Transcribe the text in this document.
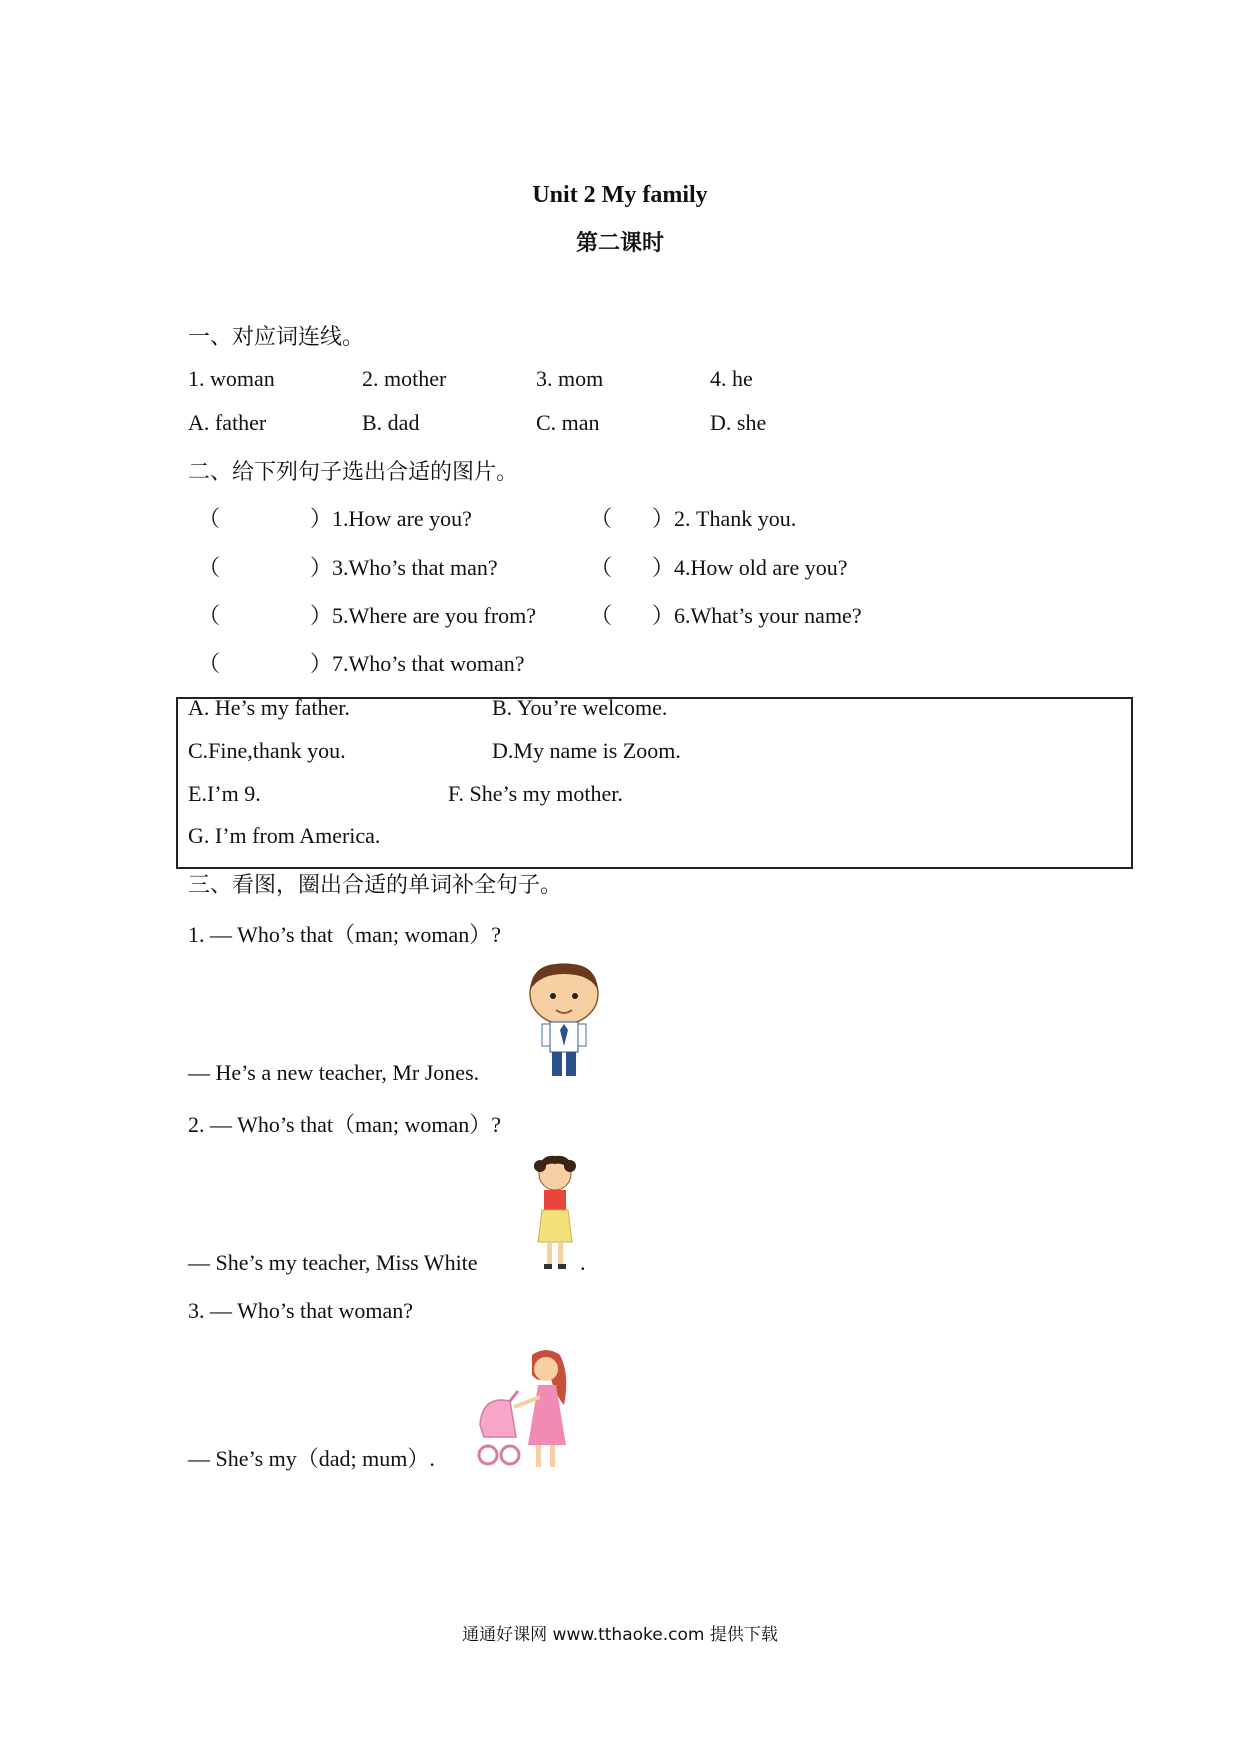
Unit 2 My family
第二课时
一、对应词连线。
1. woman	2. mother	3. mom	4. he
A. father	B. dad	C. man	D. she
二、给下列句子选出合适的图片。
（	）1.How are you?	（ ）2. Thank you.
（	）3.Who’s that man?	（ ）4.How old are you?
（	）5.Where are you from? （ ）6.What’s your name?
（	）7.Who’s that woman?
A. He’s my father.	B. You’re welcome.
C.Fine,thank you.	D.My name is Zoom.
E.I’m 9.	F. She’s my mother.
G. I’m from America.
三、看图，圈出合适的单词补全句子。
1. — Who’s that（man; woman）?
— He’s a new teacher, Mr Jones.
2. — Who’s that（man; woman）?
— She’s my teacher, Miss White	.
3. — Who’s that woman?
— She’s my（dad; mum）.
通通好课网 www.tthaoke.com 提供下载
